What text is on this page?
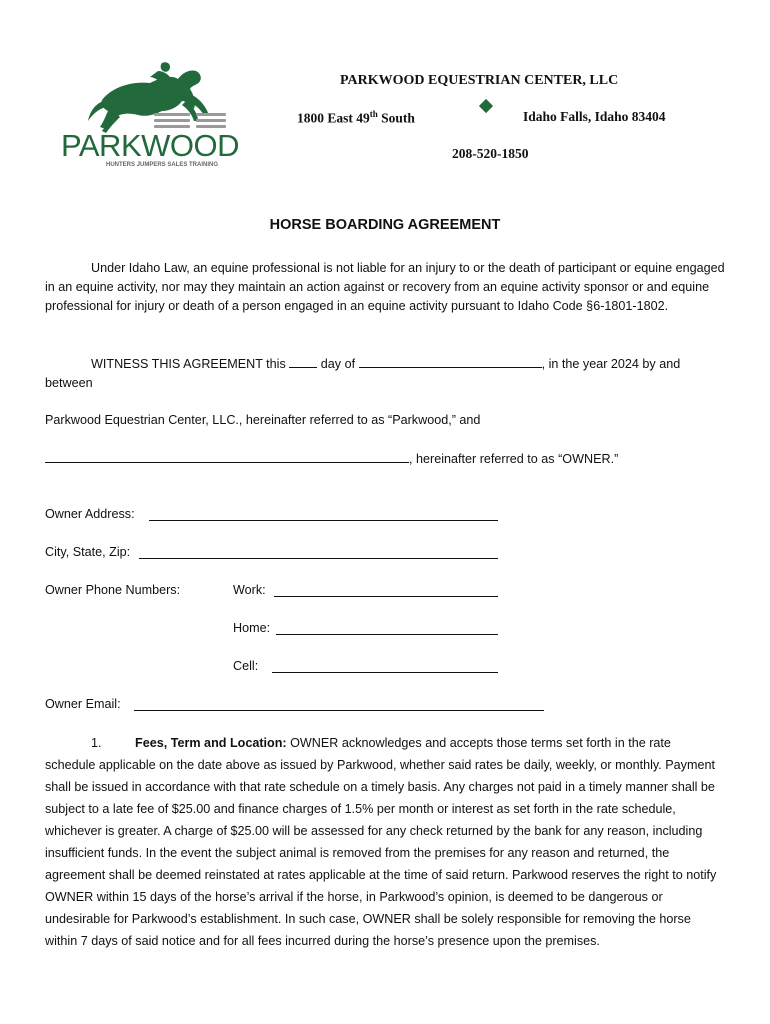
PARKWOOD
HUNTERS JUMPERS SALES TRAINING
PARKWOOD EQUESTRIAN CENTER, LLC
1800 East 49th South	Idaho Falls, Idaho 83404
208-520-1850
HORSE BOARDING AGREEMENT
Under Idaho Law, an equine professional is not liable for an injury to or the death of participant or equine engaged in an equine activity, nor may they maintain an action against or recovery from an equine activity sponsor or and equine professional for injury or death of a person engaged in an equine activity pursuant to Idaho Code §6-1801-1802.
WITNESS THIS AGREEMENT this  day of	, in the year 2024 by and between
Parkwood Equestrian Center, LLC., hereinafter referred to as “Parkwood,” and
, hereinafter referred to as “OWNER.”
Owner Address:
City, State, Zip:
Owner Phone Numbers:	Work:
Home:
Cell:
Owner Email:
1.	Fees, Term and Location: OWNER acknowledges and accepts those terms set forth in the rate schedule applicable on the date above as issued by Parkwood, whether said rates be daily, weekly, or monthly. Payment shall be issued in accordance with that rate schedule on a timely basis. Any charges not paid in a timely manner shall be subject to a late fee of $25.00 and finance charges of 1.5% per month or interest as set forth in the rate schedule, whichever is greater. A charge of $25.00 will be assessed for any check returned by the bank for any reason, including insufficient funds. In the event the subject animal is removed from the premises for any reason and returned, the agreement shall be deemed reinstated at rates applicable at the time of said return. Parkwood reserves the right to notify OWNER within 15 days of the horse’s arrival if the horse, in Parkwood’s opinion, is deemed to be dangerous or undesirable for Parkwood’s establishment. In such case, OWNER shall be solely responsible for removing the horse within 7 days of said notice and for all fees incurred during the horse’s presence upon the premises.
